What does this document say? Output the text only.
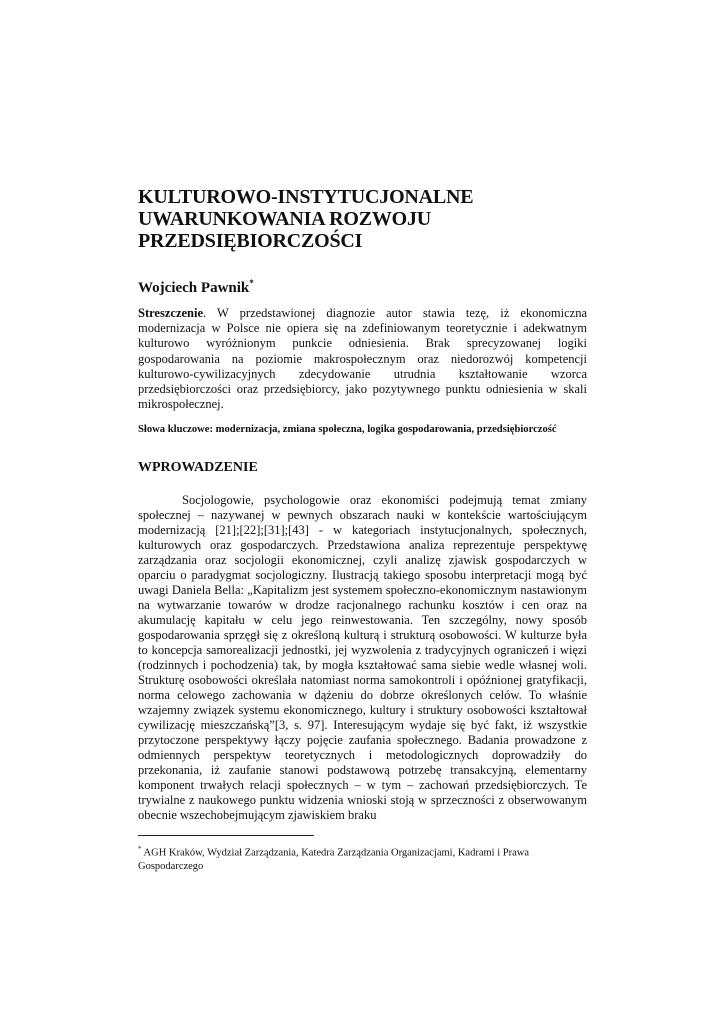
KULTUROWO-INSTYTUCJONALNE
UWARUNKOWANIA ROZWOJU
PRZEDSIĘBIORCZOŚCI
Wojciech Pawnik*
Streszczenie. W przedstawionej diagnozie autor stawia tezę, iż ekonomiczna modernizacja w Polsce nie opiera się na zdefiniowanym teoretycznie i adekwatnym kulturowo wyróżnionym punkcie odniesienia. Brak sprecyzowanej logiki gospodarowania na poziomie makrospołecznym oraz niedorozwój kompetencji kulturowo-cywilizacyjnych zdecydowanie utrudnia kształtowanie wzorca przedsiębiorczości oraz przedsiębiorcy, jako pozytywnego punktu odniesienia w skali mikrospołecznej.
Słowa kluczowe: modernizacja, zmiana społeczna, logika gospodarowania, przedsiębiorczość
WPROWADZENIE
Socjologowie, psychologowie oraz ekonomiści podejmują temat zmiany społecznej – nazywanej w pewnych obszarach nauki w kontekście wartościującym modernizacją [21];[22];[31];[43] - w kategoriach instytucjonalnych, społecznych, kulturowych oraz gospodarczych. Przedstawiona analiza reprezentuje perspektywę zarządzania oraz socjologii ekonomicznej, czyli analizę zjawisk gospodarczych w oparciu o paradygmat socjologiczny. Ilustracją takiego sposobu interpretacji mogą być uwagi Daniela Bella: „Kapitalizm jest systemem społeczno-ekonomicznym nastawionym na wytwarzanie towarów w drodze racjonalnego rachunku kosztów i cen oraz na akumulację kapitału w celu jego reinwestowania. Ten szczególny, nowy sposób gospodarowania sprzęgł się z określoną kulturą i strukturą osobowości. W kulturze była to koncepcja samorealizacji jednostki, jej wyzwolenia z tradycyjnych ograniczeń i więzi (rodzinnych i pochodzenia) tak, by mogła kształtować sama siebie wedle własnej woli. Strukturę osobowości określała natomiast norma samokontroli i opóźnionej gratyfikacji, norma celowego zachowania w dążeniu do dobrze określonych celów. To właśnie wzajemny związek systemu ekonomicznego, kultury i struktury osobowości kształtował cywilizację mieszczańską”[3, s. 97]. Interesującym wydaje się być fakt, iż wszystkie przytoczone perspektywy łączy pojęcie zaufania społecznego. Badania prowadzone z odmiennych perspektyw teoretycznych i metodologicznych doprowadziły do przekonania, iż zaufanie stanowi podstawową potrzebę transakcyjną, elementarny komponent trwałych relacji społecznych – w tym – zachowań przedsiębiorczych. Te trywialne z naukowego punktu widzenia wnioski stoją w sprzeczności z obserwowanym obecnie wszechobejmującym zjawiskiem braku
* AGH Kraków, Wydział Zarządzania, Katedra Zarządzania Organizacjami, Kadrami i Prawa Gospodarczego
